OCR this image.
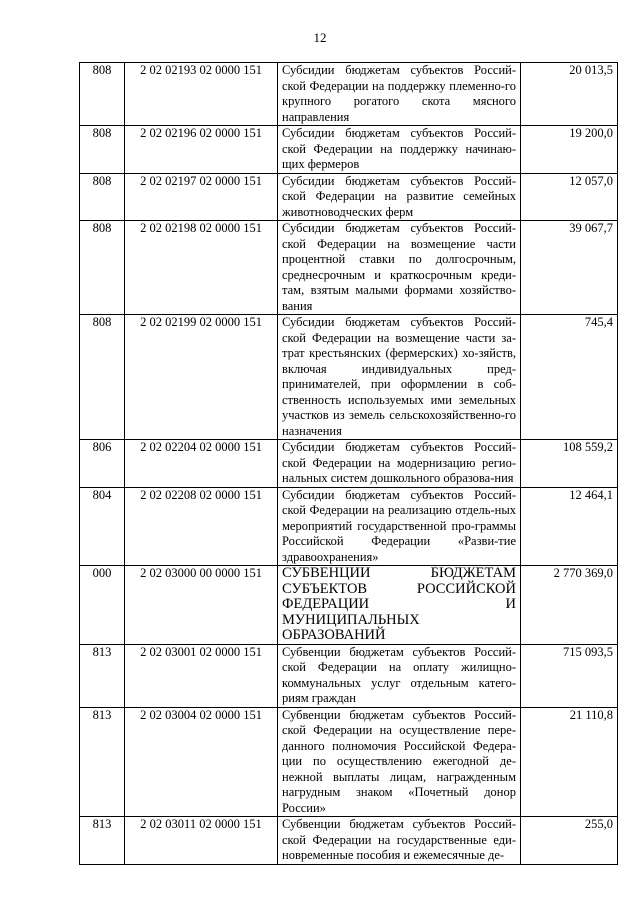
12
808	2 02 02193 02 0000 151	Субсидии бюджетам субъектов Россий-ской Федерации на поддержку племенно-го крупного рогатого скота мясного направления	20 013,5
808	2 02 02196 02 0000 151	Субсидии бюджетам субъектов Россий-ской Федерации на поддержку начинаю-щих фермеров	19 200,0
808	2 02 02197 02 0000 151	Субсидии бюджетам субъектов Россий-ской Федерации на развитие семейных животноводческих ферм	12 057,0
808	2 02 02198 02 0000 151	Субсидии бюджетам субъектов Россий-ской Федерации на возмещение части процентной ставки по долгосрочным, среднесрочным и краткосрочным креди-там, взятым малыми формами хозяйство-вания	39 067,7
808	2 02 02199 02 0000 151	Субсидии бюджетам субъектов Россий-ской Федерации на возмещение части за-трат крестьянских (фермерских) хо-зяйств, включая индивидуальных пред-принимателей, при оформлении в соб-ственность используемых ими земельных участков из земель сельскохозяйственно-го назначения	745,4
806	2 02 02204 02 0000 151	Субсидии бюджетам субъектов Россий-ской Федерации на модернизацию регио-нальных систем дошкольного образова-ния	108 559,2
804	2 02 02208 02 0000 151	Субсидии бюджетам субъектов Россий-ской Федерации на реализацию отдель-ных мероприятий государственной про-граммы Российской Федерации «Разви-тие здравоохранения»	12 464,1
000	2 02 03000 00 0000 151	СУБВЕНЦИИ БЮДЖЕТАМ СУБЪЕКТОВ РОССИЙСКОЙ ФЕДЕРАЦИИ И МУНИЦИПАЛЬНЫХ ОБРАЗОВАНИЙ	2 770 369,0
813	2 02 03001 02 0000 151	Субвенции бюджетам субъектов Россий-ской Федерации на оплату жилищно-коммунальных услуг отдельным катего-риям граждан	715 093,5
813	2 02 03004 02 0000 151	Субвенции бюджетам субъектов Россий-ской Федерации на осуществление пере-данного полномочия Российской Федера-ции по осуществлению ежегодной де-нежной выплаты лицам, награжденным нагрудным знаком «Почетный донор России»	21 110,8
813	2 02 03011 02 0000 151	Субвенции бюджетам субъектов Россий-ской Федерации на государственные еди-новременные пособия и ежемесячные де-	255,0
